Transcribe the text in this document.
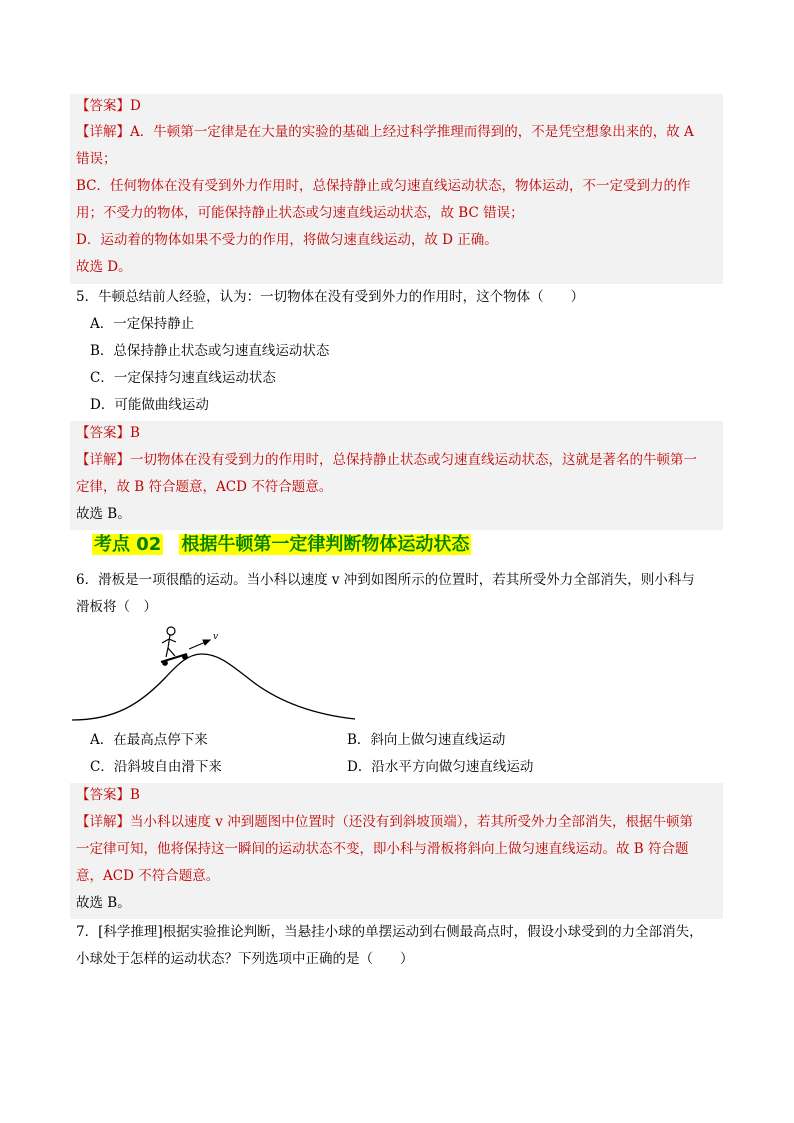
【答案】D
【详解】A．牛顿第一定律是在大量的实验的基础上经过科学推理而得到的，不是凭空想象出来的，故 A
错误；
BC．任何物体在没有受到外力作用时，总保持静止或匀速直线运动状态，物体运动，不一定受到力的作
用；不受力的物体，可能保持静止状态或匀速直线运动状态，故 BC 错误；
D．运动着的物体如果不受力的作用，将做匀速直线运动，故 D 正确。
故选 D。
5．牛顿总结前人经验，认为：一切物体在没有受到外力的作用时，这个物体（　　）
A．一定保持静止
B．总保持静止状态或匀速直线运动状态
C．一定保持匀速直线运动状态
D．可能做曲线运动
【答案】B
【详解】一切物体在没有受到力的作用时，总保持静止状态或匀速直线运动状态，这就是著名的牛顿第一
定律，故 B 符合题意，ACD 不符合题意。
故选 B。
考点 02 根据牛顿第一定律判断物体运动状态
6．滑板是一项很酷的运动。当小科以速度 v 冲到如图所示的位置时，若其所受外力全部消失，则小科与
滑板将（　）
v
A．在最高点停下来	B．斜向上做匀速直线运动
C．沿斜坡自由滑下来	D．沿水平方向做匀速直线运动
【答案】B
【详解】当小科以速度 v 冲到题图中位置时（还没有到斜坡顶端），若其所受外力全部消失，根据牛顿第
一定律可知，他将保持这一瞬间的运动状态不变，即小科与滑板将斜向上做匀速直线运动。故 B 符合题
意，ACD 不符合题意。
故选 B。
7．[科学推理]根据实验推论判断，当悬挂小球的单摆运动到右侧最高点时，假设小球受到的力全部消失，
小球处于怎样的运动状态？下列选项中正确的是（　　）
